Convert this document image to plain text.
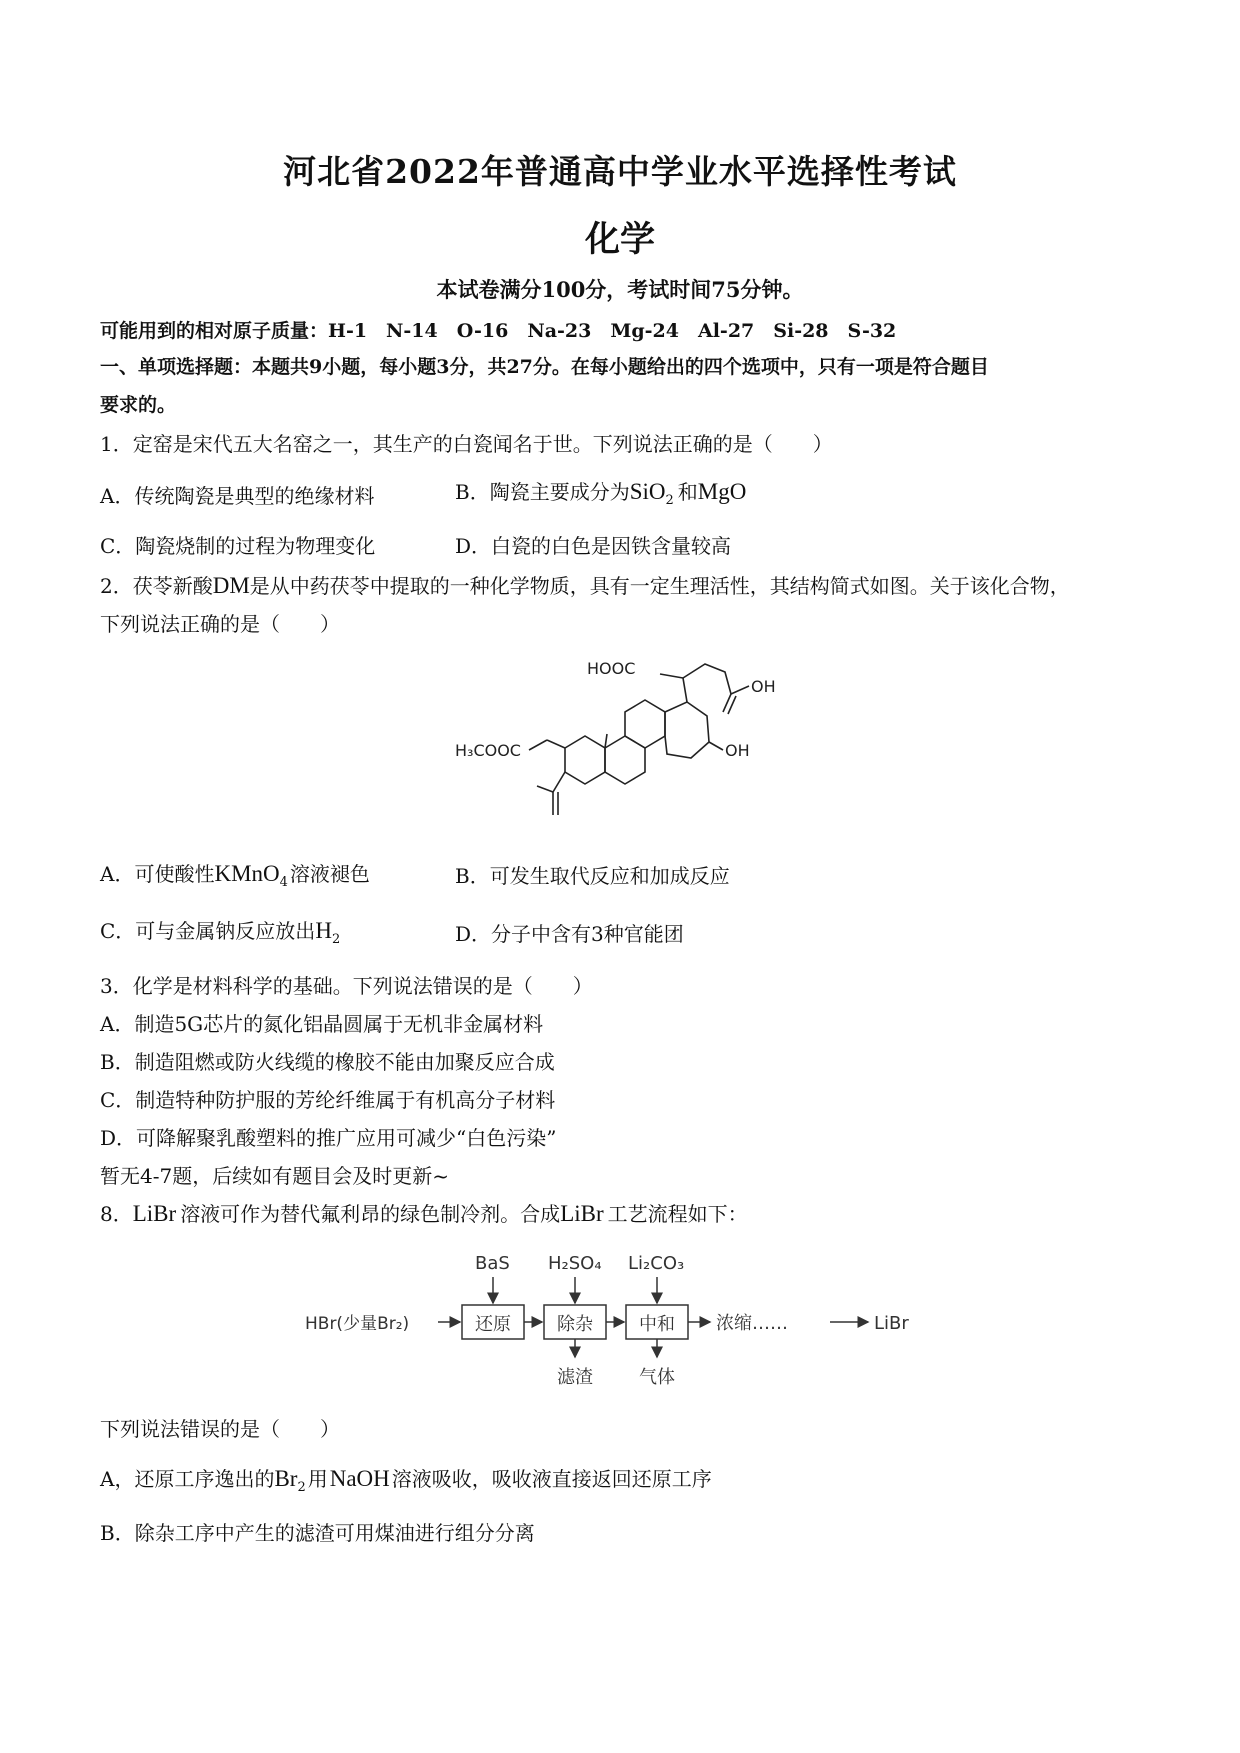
河北省2022年普通高中学业水平选择性考试
化学
本试卷满分100分，考试时间75分钟。
可能用到的相对原子质量：H-1　N-14　O-16　Na-23　Mg-24　Al-27　Si-28　S-32
一、单项选择题：本题共9小题，每小题3分，共27分。在每小题给出的四个选项中，只有一项是符合题目
要求的。
1．定窑是宋代五大名窑之一，其生产的白瓷闻名于世。下列说法正确的是（　　）
A．传统陶瓷是典型的绝缘材料	B．陶瓷主要成分为SiO$_2$ 和MgO
C．陶瓷烧制的过程为物理变化	D．白瓷的白色是因铁含量较高
2．茯苓新酸DM是从中药茯苓中提取的一种化学物质，具有一定生理活性，其结构简式如图。关于该化合物，
下列说法正确的是（　　）
HOOC
OH
OH
H₃COOC
A．可使酸性KMnO$_4$ 溶液褪色	B．可发生取代反应和加成反应
C．可与金属钠反应放出$H_2$	D．分子中含有3种官能团
3．化学是材料科学的基础。下列说法错误的是（　　）
A．制造5G芯片的氮化铝晶圆属于无机非金属材料
B．制造阻燃或防火线缆的橡胶不能由加聚反应合成
C．制造特种防护服的芳纶纤维属于有机高分子材料
D．可降解聚乳酸塑料的推广应用可减少“白色污染”
暂无4-7题，后续如有题目会及时更新~
8．LiBr 溶液可作为替代氟利昂的绿色制冷剂。合成LiBr 工艺流程如下：
HBr(少量Br₂)
BaS H₂SO₄ Li₂CO₃
还原	除杂	中和 浓缩……	LiBr
滤渣	气体
下列说法错误的是（　　）
A，还原工序逸出的$Br_2$ 用NaOH 溶液吸收，吸收液直接返回还原工序
B．除杂工序中产生的滤渣可用煤油进行组分分离
